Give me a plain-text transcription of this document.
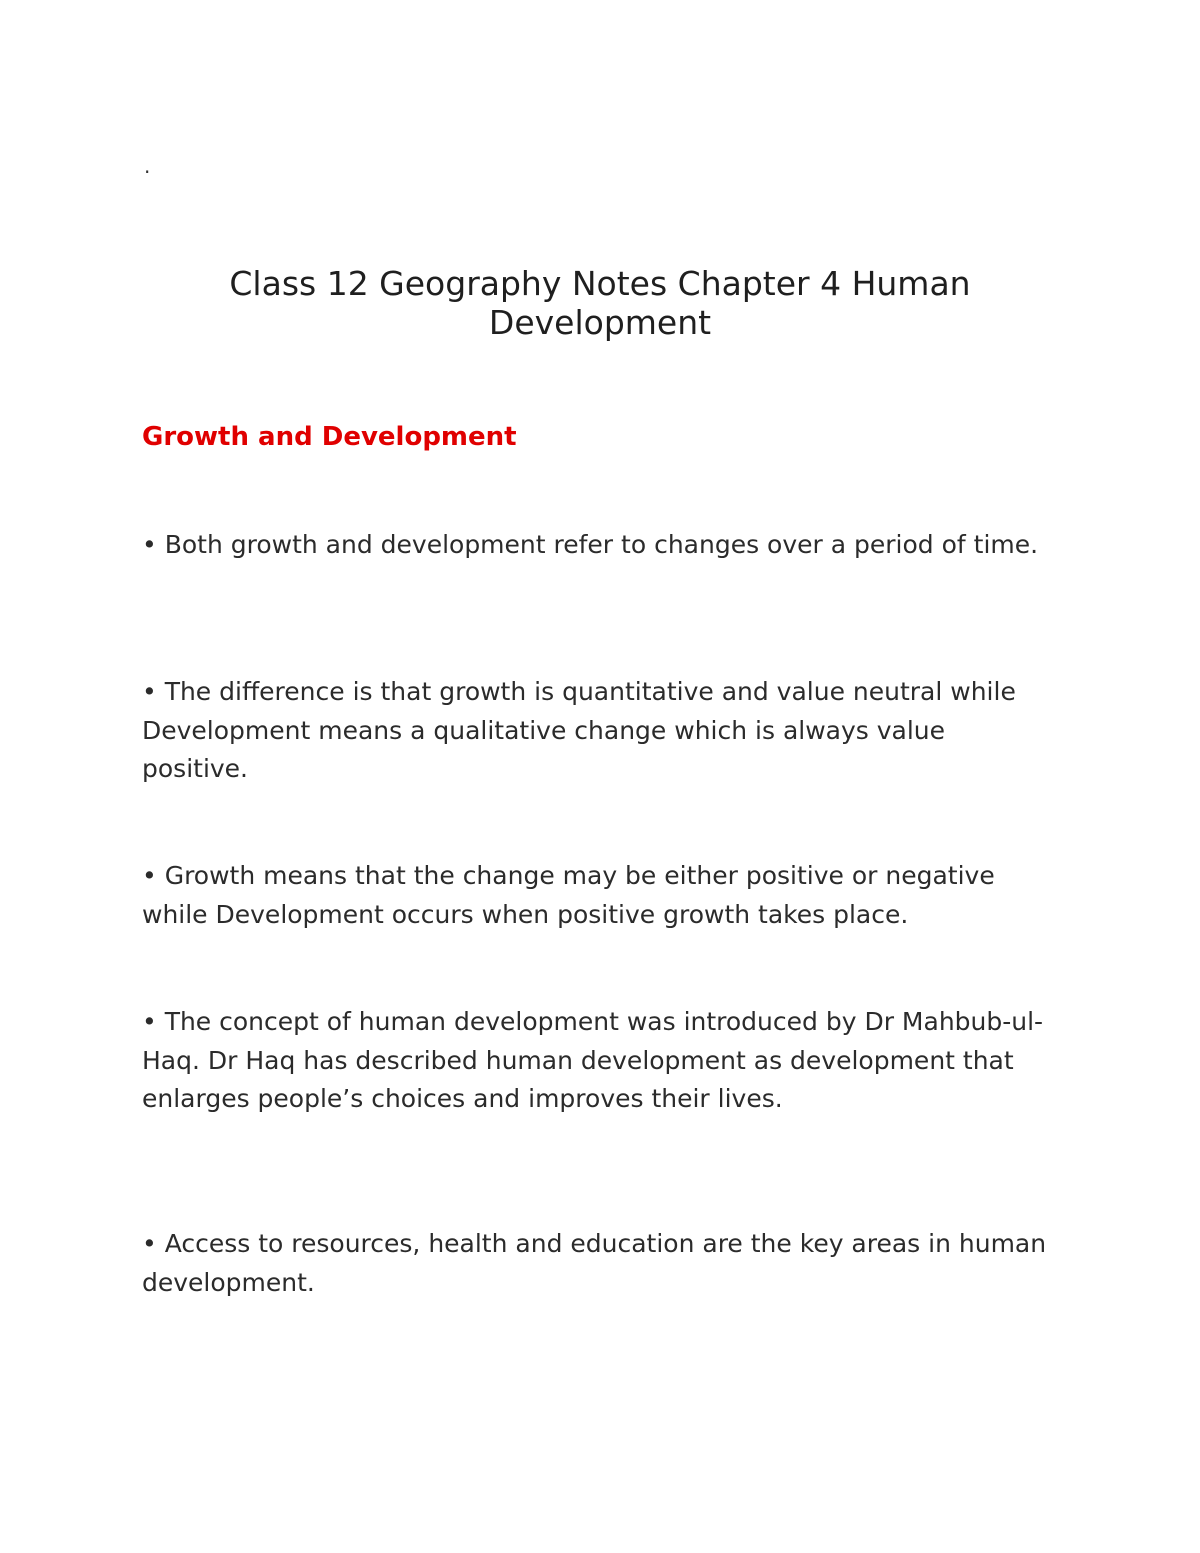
.
Class 12 Geography Notes Chapter 4 Human Development
Growth and Development

• Both growth and development refer to changes over a period of time.

• The difference is that growth is quantitative and value neutral while Development means a qualitative change which is always value positive.

• Growth means that the change may be either positive or negative while Development occurs when positive growth takes place.

• The concept of human development was introduced by Dr Mahbub-ul-Haq. Dr Haq has described human development as development that enlarges people’s choices and improves their lives.

• Access to resources, health and education are the key areas in human development.
